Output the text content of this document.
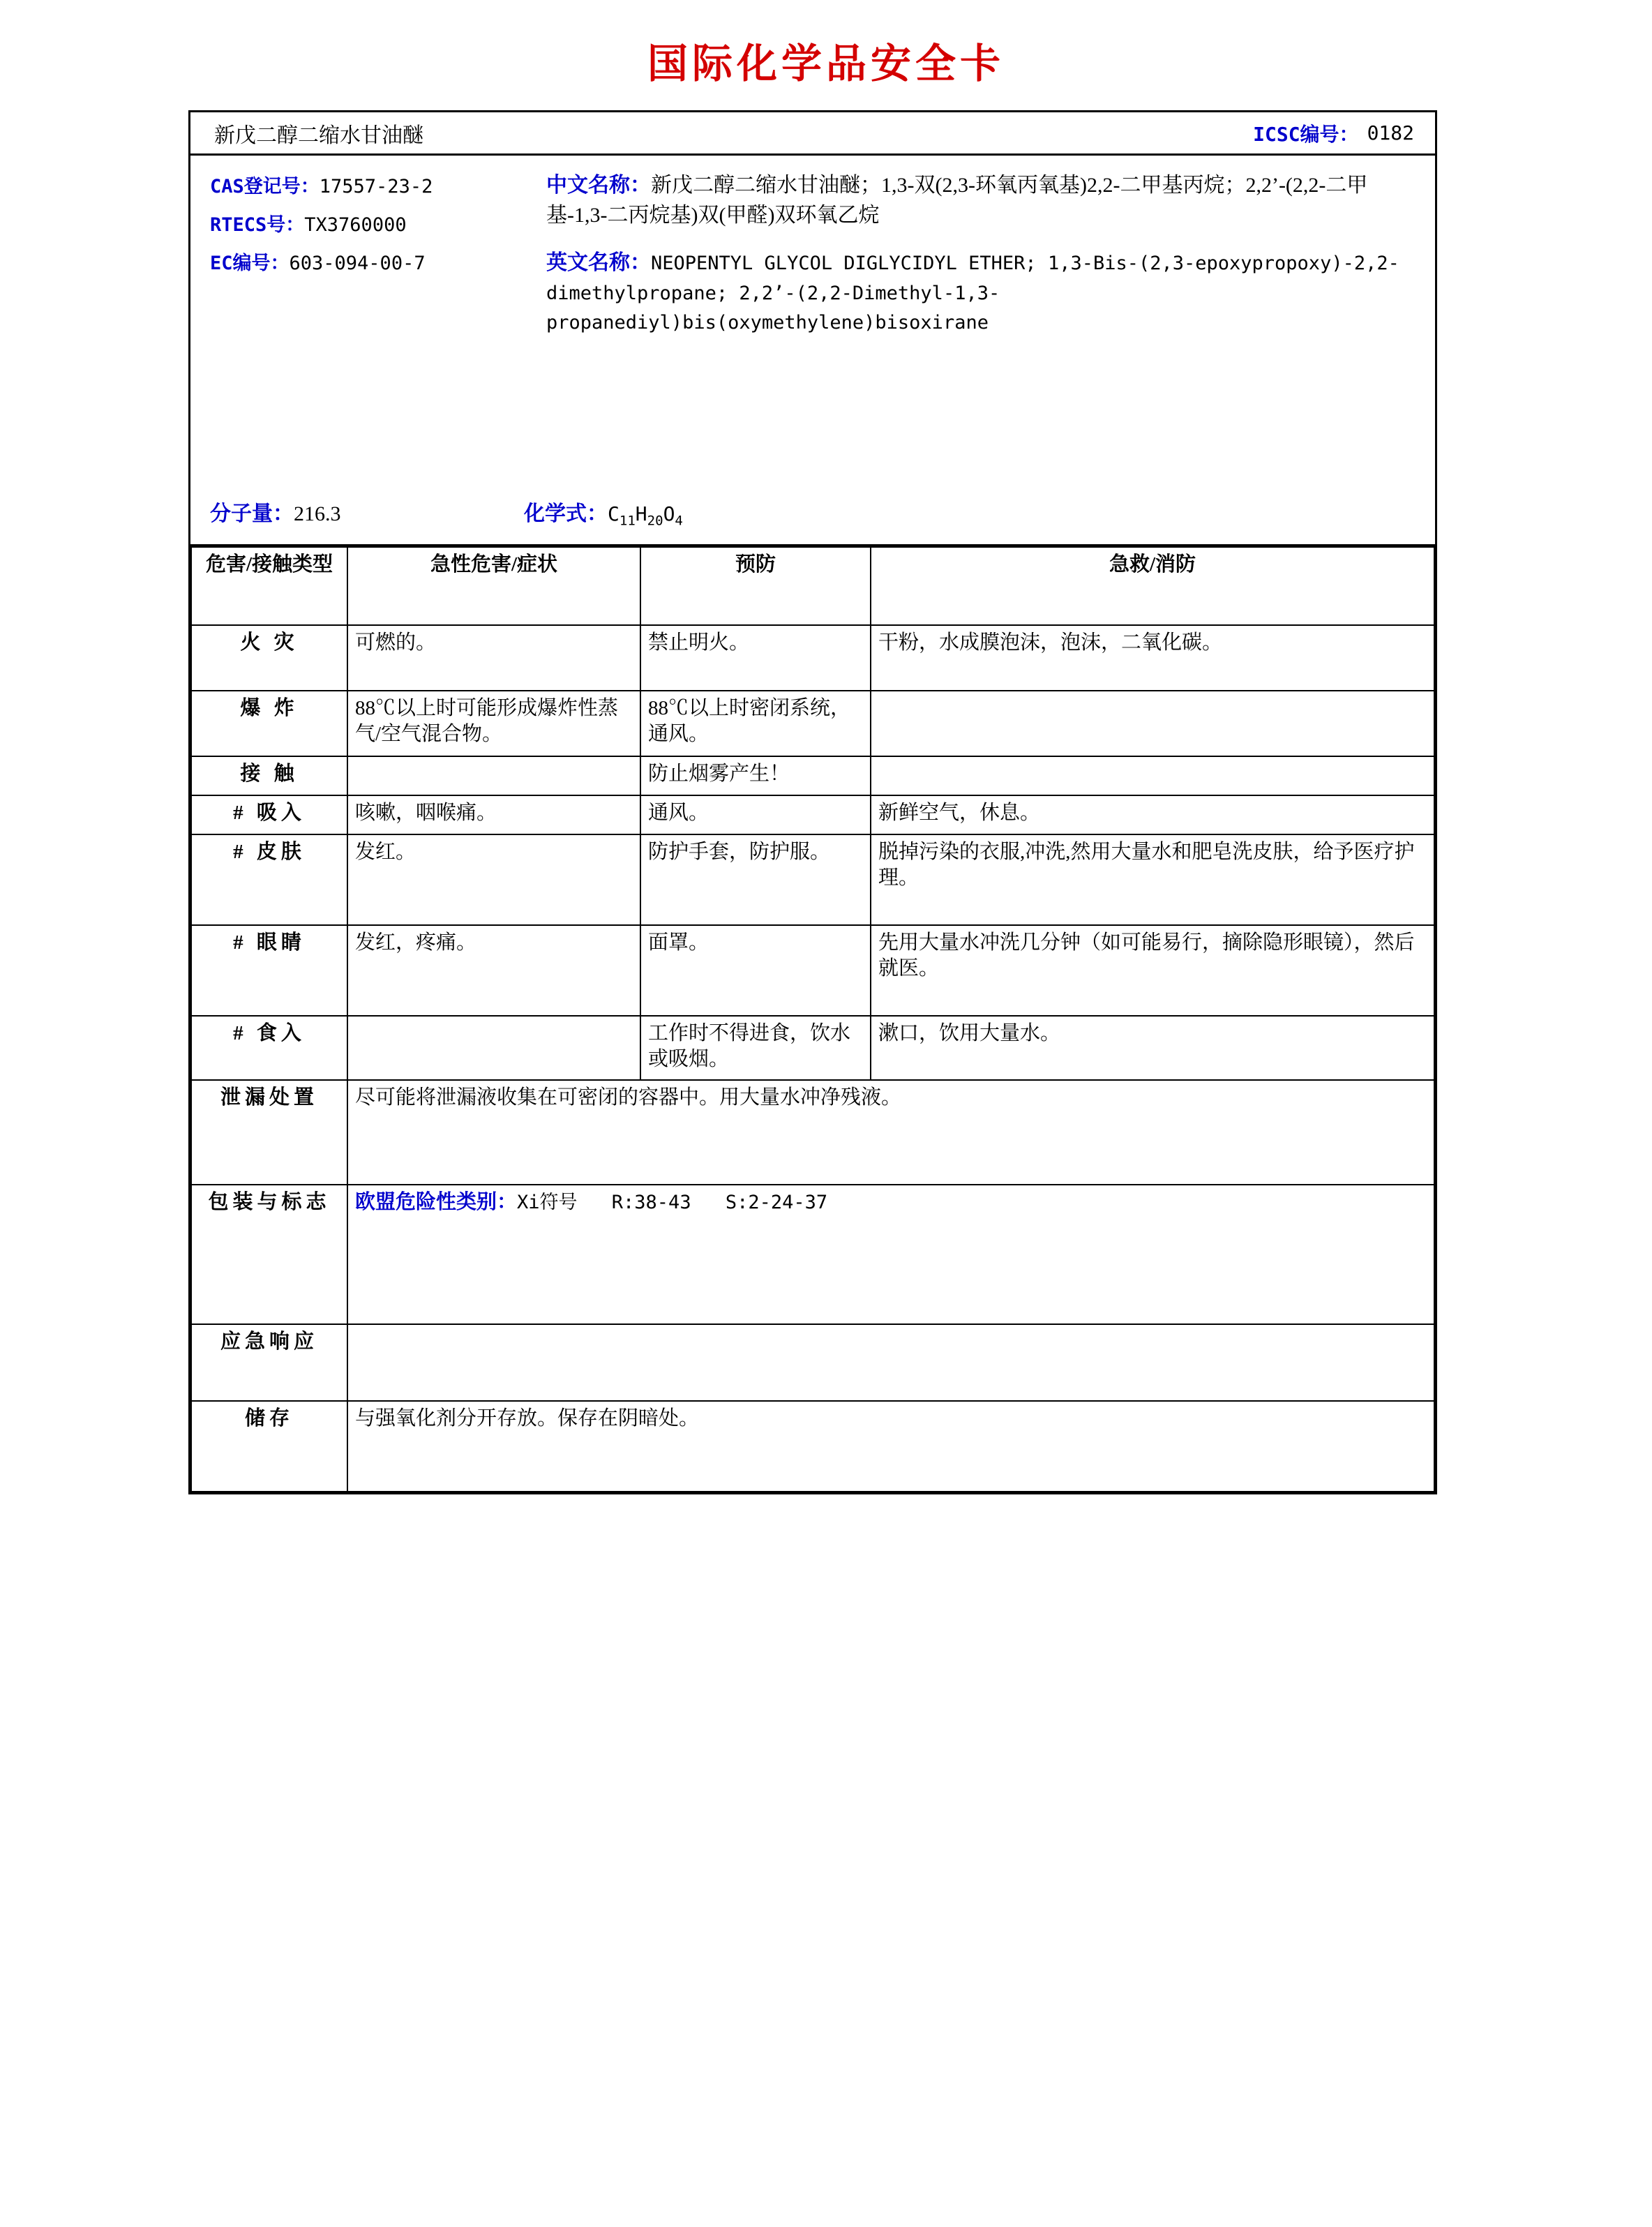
国际化学品安全卡
新戊二醇二缩水甘油醚	ICSC编号： 0182
CAS登记号：17557-23-2
RTECS号：TX3760000
EC编号：603-094-00-7
中文名称：新戊二醇二缩水甘油醚；1,3-双(2,3-环氧丙氧基)2,2-二甲基丙烷；2,2’-(2,2-二甲基-1,3-二丙烷基)双(甲醛)双环氧乙烷
英文名称：NEOPENTYL GLYCOL DIGLYCIDYL ETHER; 1,3-Bis-(2,3-epoxypropoxy)-2,2-dimethylpropane; 2,2’-(2,2-Dimethyl-1,3-propanediyl)bis(oxymethylene)bisoxirane
分子量：216.3	化学式：$C_{11}H_{20}O_4$
危害/接触类型	急性危害/症状	预防	急救/消防
火 灾	可燃的。	禁止明火。	干粉，水成膜泡沫，泡沫，二氧化碳。
爆 炸	88℃以上时可能形成爆炸性蒸气/空气混合物。	88℃以上时密闭系统，通风。	
接 触		防止烟雾产生！	
# 吸入	咳嗽，咽喉痛。	通风。	新鲜空气，休息。
# 皮肤	发红。	防护手套，防护服。	脱掉污染的衣服,冲洗,然用大量水和肥皂洗皮肤，给予医疗护理。
# 眼睛	发红，疼痛。	面罩。	先用大量水冲洗几分钟（如可能易行，摘除隐形眼镜），然后就医。
# 食入		工作时不得进食，饮水或吸烟。	漱口，饮用大量水。
泄漏处置	尽可能将泄漏液收集在可密闭的容器中。用大量水冲净残液。		
包装与标志	欧盟危险性类别：Xi符号 R:38-43 S:2-24-37		
应急响应			
储存	与强氧化剂分开存放。保存在阴暗处。		
